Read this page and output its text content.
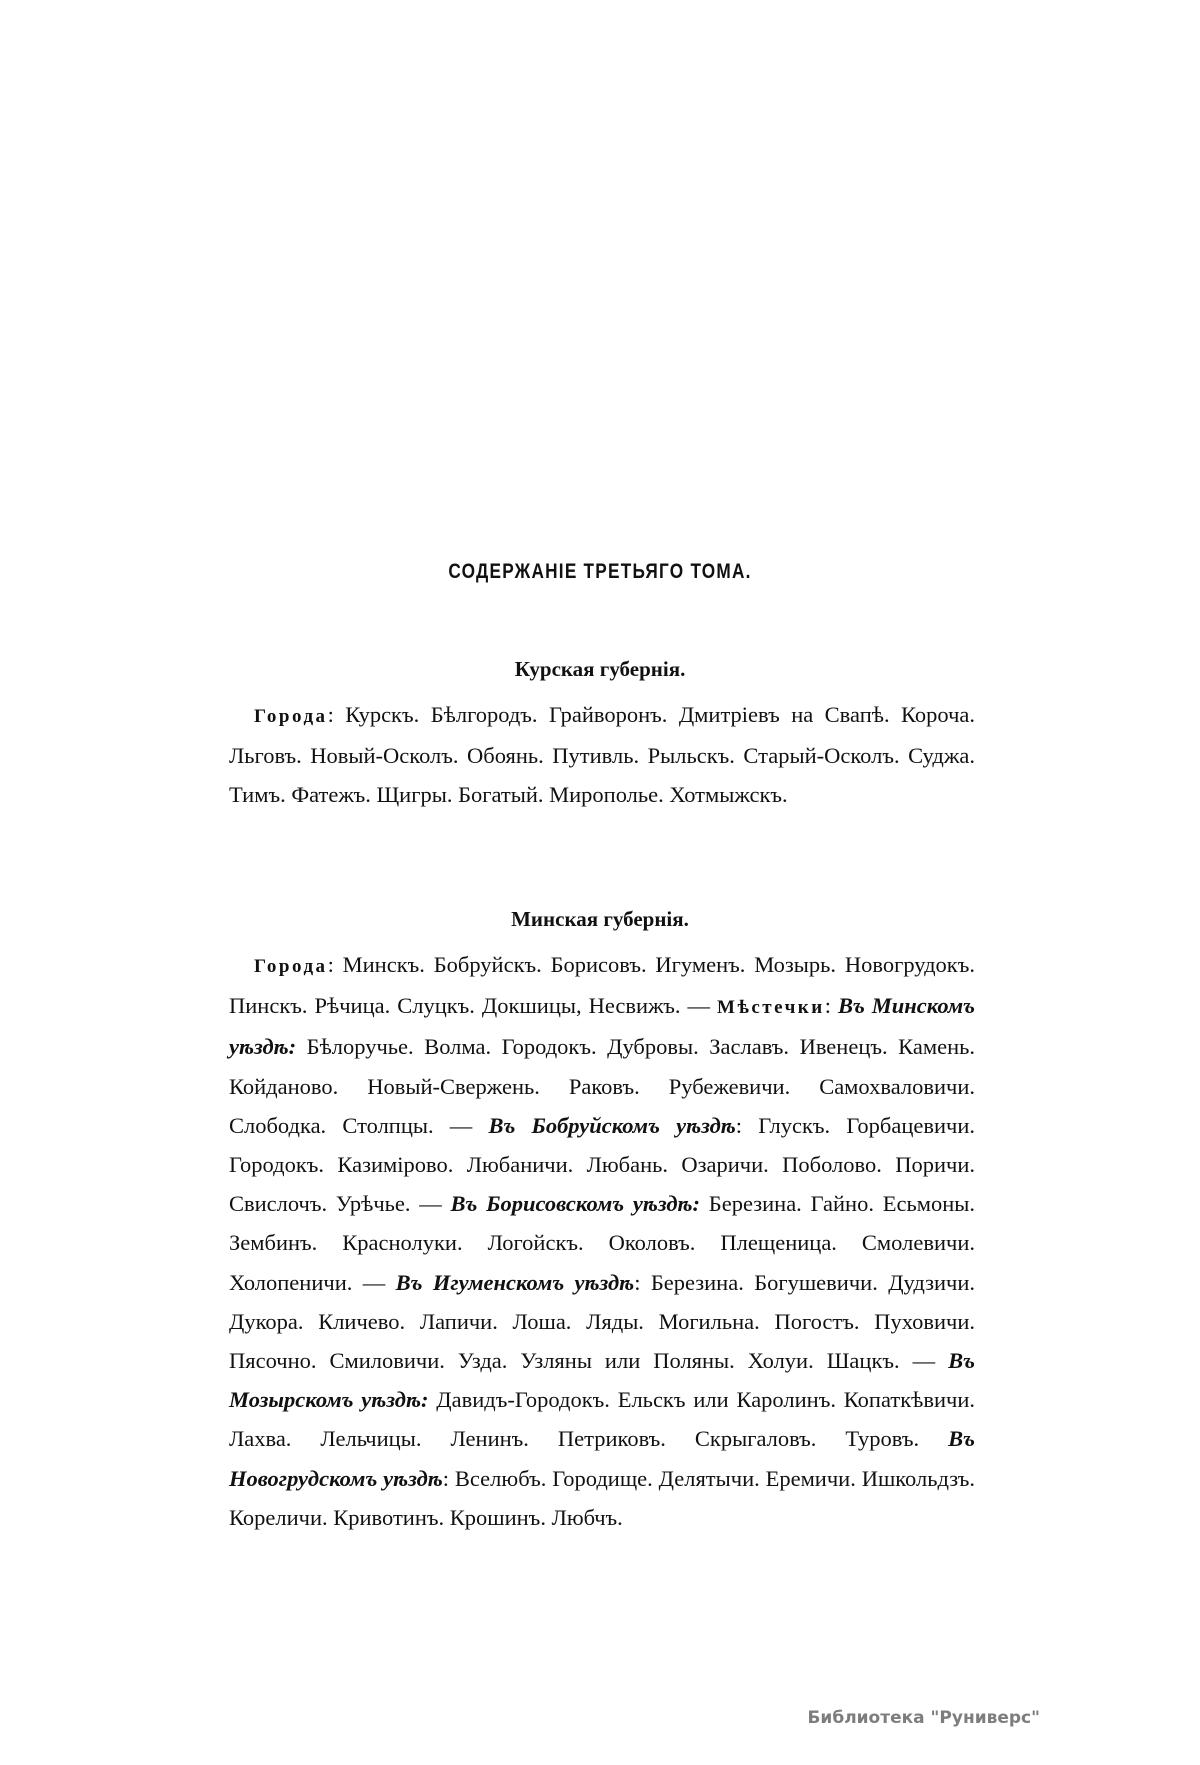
СОДЕРЖАНІЕ ТРЕТЬЯГО ТОМА.
Курская губернія.
Города: Курскъ. Бѣлгородъ. Грайворонъ. Дмитріевъ на Свапѣ. Короча. Льговъ. Новый-Осколъ. Обоянь. Путивль. Рыльскъ. Старый-Осколъ. Суджа. Тимъ. Фатежъ. Щигры. Богатый. Мирополье. Хотмыжскъ.
Минская губернія.
Города: Минскъ. Бобруйскъ. Борисовъ. Игуменъ. Мозырь. Новогрудокъ. Пинскъ. Рѣчица. Слуцкъ. Докшицы, Несвижъ. — Мѣстечки: Въ Минскомъ уѣздѣ: Бѣлоручье. Волма. Городокъ. Дубровы. Заславъ. Ивенецъ. Камень. Койданово. Новый-Свержень. Раковъ. Рубежевичи. Самохваловичи. Слободка. Столпцы. — Въ Бобруйскомъ уѣздѣ: Глускъ. Горбацевичи. Городокъ. Казиміpово. Любаничи. Любань. Озаричи. Поболово. Поричи. Свислочъ. Урѣчье. — Въ Борисовскомъ уѣздѣ: Березина. Гайно. Есьмоны. Зембинъ. Краснолуки. Логойскъ. Околовъ. Плещеница. Смолевичи. Холопеничи. — Въ Игуменскомъ уѣздѣ: Березина. Богушевичи. Дудзичи. Дукора. Кличево. Лапичи. Лоша. Ляды. Могильна. Погостъ. Пуховичи. Пясочно. Смиловичи. Узда. Узляны или Поляны. Холуи. Шацкъ. — Въ Мозырскомъ уѣздѣ: Давидъ-Городокъ. Ельскъ или Каролинъ. Копаткѣвичи. Лахва. Лельчицы. Ленинъ. Петриковъ. Скрыгаловъ. Туровъ. Въ Новогрудскомъ уѣздѣ: Вселюбъ. Городище. Делятычи. Еремичи. Ишкольдзъ. Кореличи. Кривотинъ. Крошинъ. Любчъ.
Библиотека "Руниверс"
